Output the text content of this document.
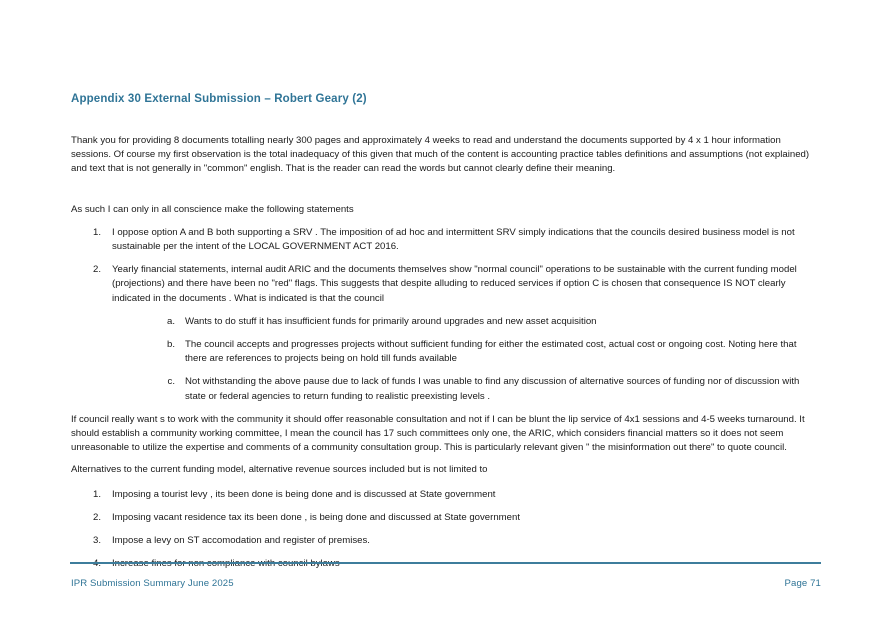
Appendix 30 External Submission – Robert Geary (2)

Thank you for providing 8 documents totalling nearly 300 pages and approximately 4 weeks to read and understand the documents supported by 4 x 1 hour information sessions. Of course my first observation is the total inadequacy of this given that much of the content is accounting practice tables definitions and assumptions (not explained) and text that is not generally in "common" english. That is the reader can read the words but cannot clearly define their meaning.

As such I can only in all conscience make the following statements

1. I oppose option A and B both supporting a SRV . The imposition of ad hoc and intermittent SRV simply indications that the councils desired business model is not sustainable per the intent of the LOCAL GOVERNMENT ACT 2016.
2. Yearly financial statements, internal audit ARIC and the documents themselves show "normal council" operations to be sustainable with the current funding model (projections) and there have been no "red" flags. This suggests that despite alluding to reduced services if option C is chosen that consequence IS NOT clearly indicated in the documents . What is indicated is that the council
a. Wants to do stuff it has insufficient funds for primarily around upgrades and new asset acquisition
b. The council accepts and progresses projects without sufficient funding for either the estimated cost, actual cost or ongoing cost. Noting here that there are references to projects being on hold till funds available
c. Not withstanding the above pause due to lack of funds I was unable to find any discussion of alternative sources of funding nor of discussion with state or federal agencies to return funding to realistic preexisting levels .

If council really want s to work with the community it should offer reasonable consultation and not if I can be blunt the lip service of 4x1 sessions and 4-5 weeks turnaround. It should establish a community working committee, I mean the council has 17 such committees only one, the ARIC, which considers financial matters so it does not seem unreasonable to utilize the expertise and comments of a community consultation group. This is particularly relevant given " the misinformation out there" to quote council.

Alternatives to the current funding model, alternative revenue sources included but is not limited to

1. Imposing a tourist levy , its been done is being done and is discussed at State government
2. Imposing vacant residence tax its been done , is being done and discussed at State government
3. Impose a levy on ST accomodation and register of premises.
4. Increase fines for non compliance with council bylaws
IPR Submission Summary June 2025	Page 71
